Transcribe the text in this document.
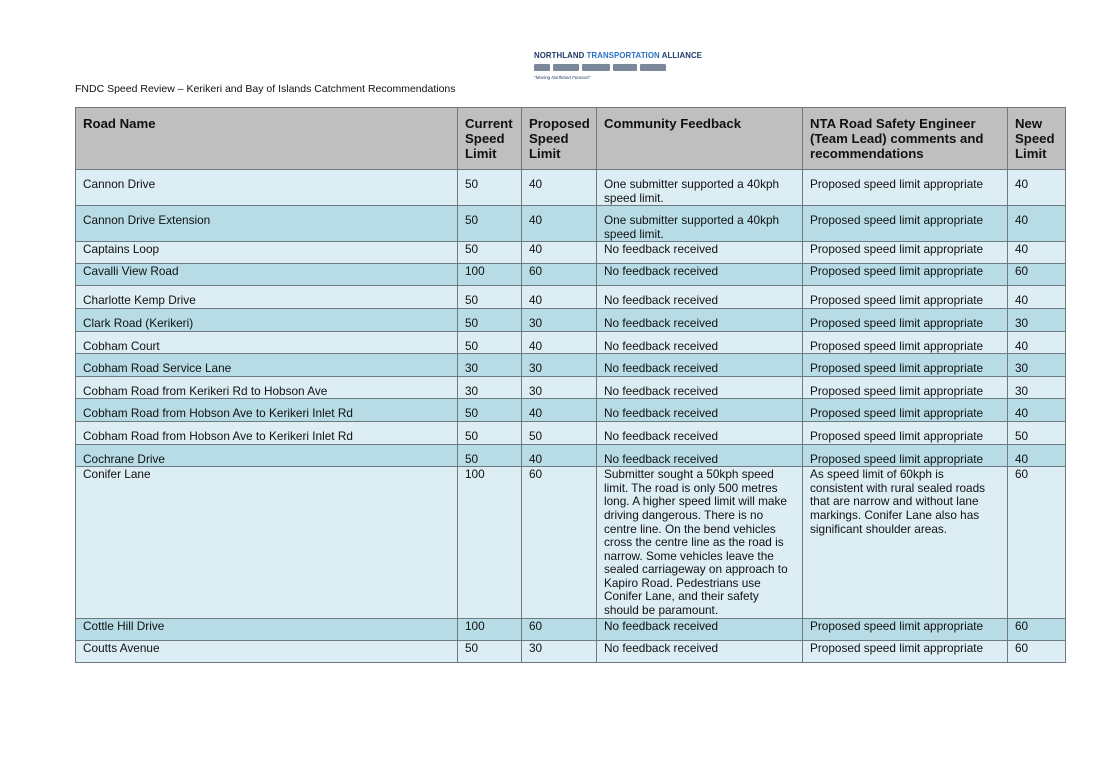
NORTHLAND TRANSPORTATION ALLIANCE
"Moving Northland Forward"
FNDC Speed Review – Kerikeri and Bay of Islands Catchment Recommendations
Road Name	Current Speed Limit	Proposed Speed Limit	Community Feedback	NTA Road Safety Engineer (Team Lead) comments and recommendations	New Speed Limit
Cannon Drive	50	40	One submitter supported a 40kph speed limit.	Proposed speed limit appropriate	40
Cannon Drive Extension	50	40	One submitter supported a 40kph speed limit.	Proposed speed limit appropriate	40
Captains Loop	50	40	No feedback received	Proposed speed limit appropriate	40
Cavalli View Road	100	60	No feedback received	Proposed speed limit appropriate	60
Charlotte Kemp Drive	50	40	No feedback received	Proposed speed limit appropriate	40
Clark Road (Kerikeri)	50	30	No feedback received	Proposed speed limit appropriate	30
Cobham Court	50	40	No feedback received	Proposed speed limit appropriate	40
Cobham Road Service Lane	30	30	No feedback received	Proposed speed limit appropriate	30
Cobham Road from Kerikeri Rd to Hobson Ave	30	30	No feedback received	Proposed speed limit appropriate	30
Cobham Road from Hobson Ave to Kerikeri Inlet Rd	50	40	No feedback received	Proposed speed limit appropriate	40
Cobham Road from Hobson Ave to Kerikeri Inlet Rd	50	50	No feedback received	Proposed speed limit appropriate	50
Cochrane Drive	50	40	No feedback received	Proposed speed limit appropriate	40
Conifer Lane	100	60	Submitter sought a 50kph speed limit. The road is only 500 metres long. A higher speed limit will make driving dangerous. There is no centre line. On the bend vehicles cross the centre line as the road is narrow. Some vehicles leave the sealed carriageway on approach to Kapiro Road. Pedestrians use Conifer Lane, and their safety should be paramount.	As speed limit of 60kph is consistent with rural sealed roads that are narrow and without lane markings. Conifer Lane also has significant shoulder areas.	60
Cottle Hill Drive	100	60	No feedback received	Proposed speed limit appropriate	60
Coutts Avenue	50	30	No feedback received	Proposed speed limit appropriate	60
